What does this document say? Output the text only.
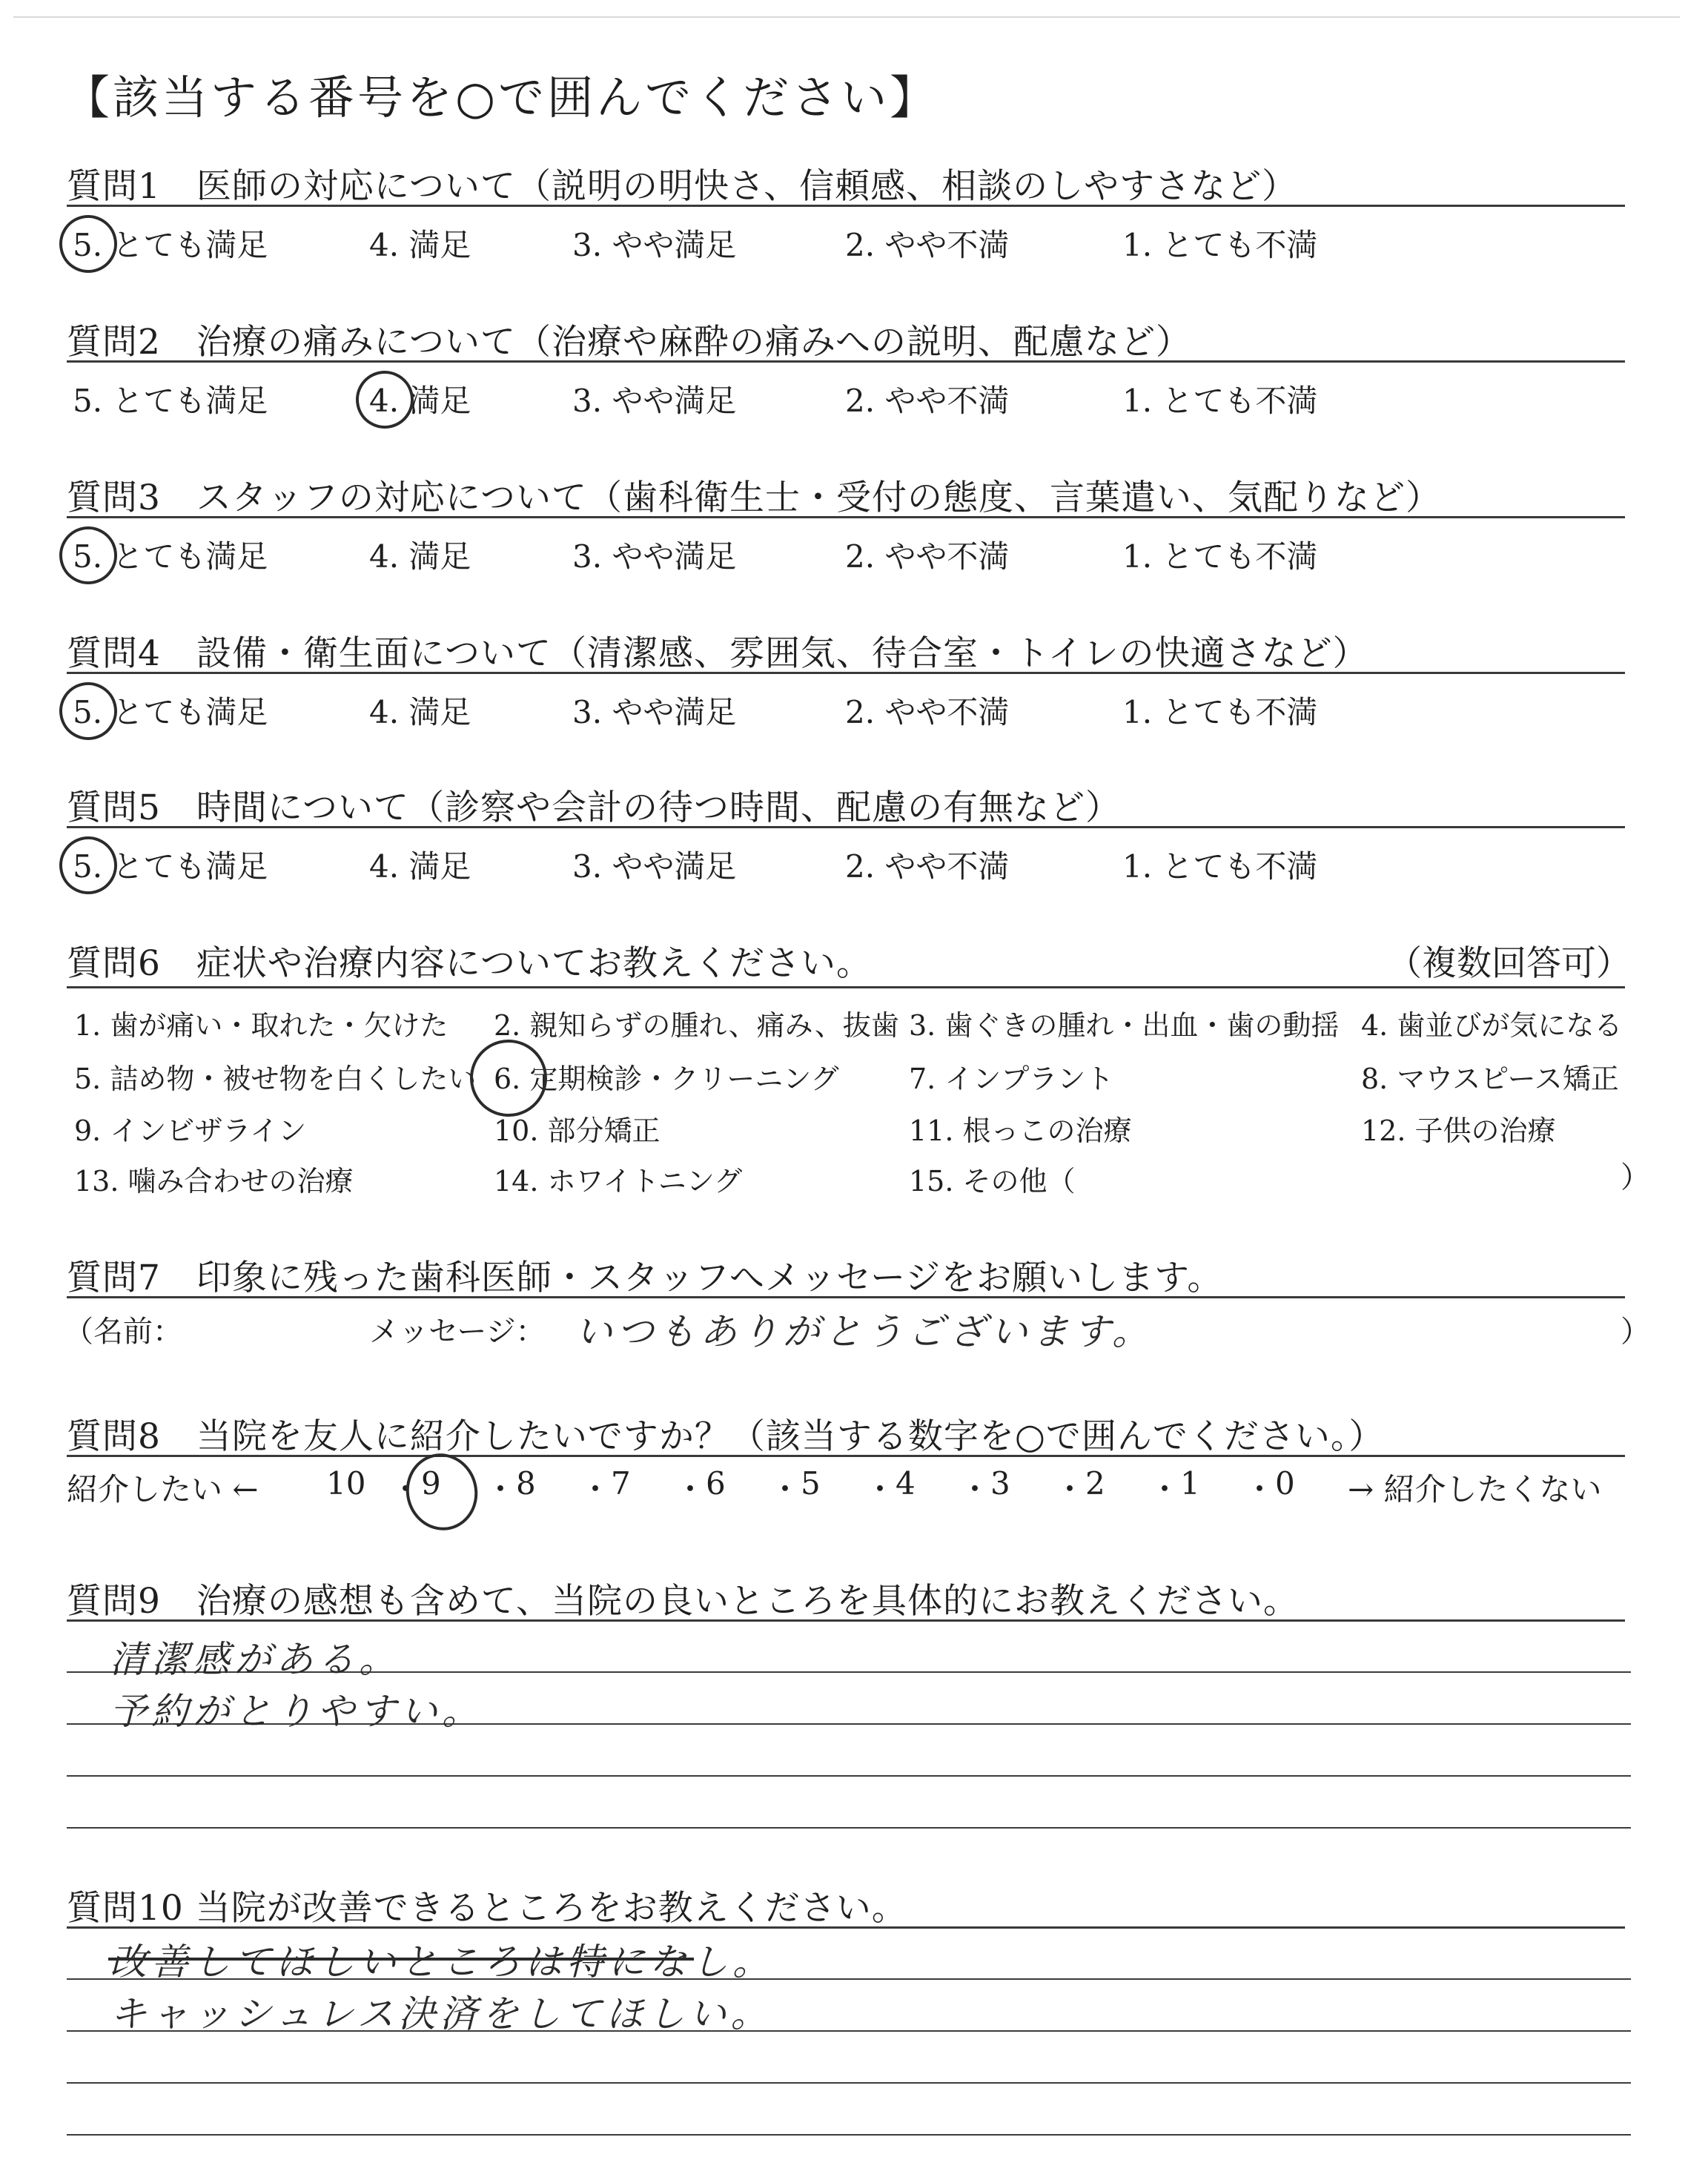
【該当する番号を○で囲んでください】
質問1　医師の対応について（説明の明快さ、信頼感、相談のしやすさなど）
5. とても満足	4. 満足	3. やや満足	2. やや不満	1. とても不満
質問2　治療の痛みについて（治療や麻酔の痛みへの説明、配慮など）
5. とても満足	4. 満足	3. やや満足	2. やや不満	1. とても不満
質問3　スタッフの対応について（歯科衛生士・受付の態度、言葉遣い、気配りなど）
5. とても満足	4. 満足	3. やや満足	2. やや不満	1. とても不満
質問4　設備・衛生面について（清潔感、雰囲気、待合室・トイレの快適さなど）
5. とても満足	4. 満足	3. やや満足	2. やや不満	1. とても不満
質問5　時間について（診察や会計の待つ時間、配慮の有無など）
5. とても満足	4. 満足	3. やや満足	2. やや不満	1. とても不満
質問6　症状や治療内容についてお教えください。	（複数回答可）
1. 歯が痛い・取れた・欠けた 2. 親知らずの腫れ、痛み、抜歯 3. 歯ぐきの腫れ・出血・歯の動揺 4. 歯並びが気になる
5. 詰め物・被せ物を白くしたい 6. 定期検診・クリーニング 7. インプラント	8. マウスピース矯正
9. インビザライン	10. 部分矯正	11. 根っこの治療	12. 子供の治療
13. 噛み合わせの治療	14. ホワイトニング	15. その他（	）
質問7　印象に残った歯科医師・スタッフへメッセージをお願いします。
（名前：	メッセージ： いつもありがとうございます。	）
質問8　当院を友人に紹介したいですか？（該当する数字を○で囲んでください。）
紹介したい ← 10 ・ 9 ・ 8 ・ 7 ・ 6 ・ 5 ・ 4 ・ 3 ・ 2 ・ 1 ・ 0 → 紹介したくない
質問9　治療の感想も含めて、当院の良いところを具体的にお教えください。
清潔感がある。
予約がとりやすい。
質問10 当院が改善できるところをお教えください。
改善してほしいところは特になし。
キャッシュレス決済をしてほしい。
